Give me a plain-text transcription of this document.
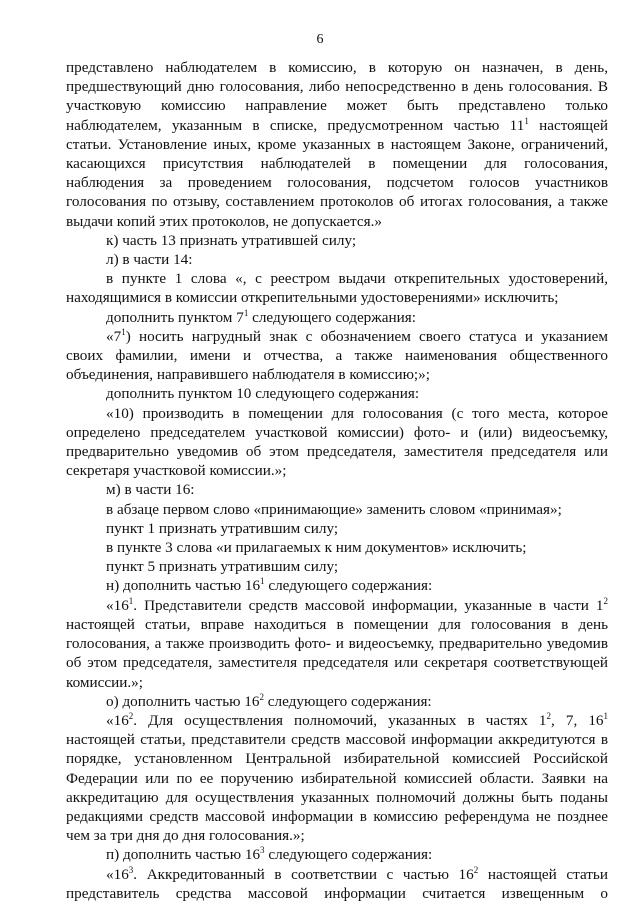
6
представлено наблюдателем в комиссию, в которую он назначен, в день,
предшествующий дню голосования, либо непосредственно в день голосования. В
участковую комиссию направление может быть представлено только
наблюдателем, указанным в списке, предусмотренном частью $11^1$ настоящей
статьи. Установление иных, кроме указанных в настоящем Законе, ограничений,
касающихся присутствия наблюдателей в помещении для голосования,
наблюдения за проведением голосования, подсчетом голосов участников
голосования по отзыву, составлением протоколов об итогах голосования, а также
выдачи копий этих протоколов, не допускается.»
к) часть 13 признать утратившей силу;
л) в части 14:
в пункте 1 слова «, с реестром выдачи открепительных удостоверений,
находящимися в комиссии открепительными удостоверениями» исключить;
дополнить пунктом $7^1$ следующего содержания:
«$7^1$) носить нагрудный знак с обозначением своего статуса и указанием
своих фамилии, имени и отчества, а также наименования общественного
объединения, направившего наблюдателя в комиссию;»;
дополнить пунктом 10 следующего содержания:
«10) производить в помещении для голосования (с того места, которое
определено председателем участковой комиссии) фото- и (или) видеосъемку,
предварительно уведомив об этом председателя, заместителя председателя или
секретаря участковой комиссии.»;
м) в части 16:
в абзаце первом слово «принимающие» заменить словом «принимая»;
пункт 1 признать утратившим силу;
в пункте 3 слова «и прилагаемых к ним документов» исключить;
пункт 5 признать утратившим силу;
н) дополнить частью $16^1$ следующего содержания:
«$16^1$. Представители средств массовой информации, указанные в части $1^2$
настоящей статьи, вправе находиться в помещении для голосования в день
голосования, а также производить фото- и видеосъемку, предварительно уведомив
об этом председателя, заместителя председателя или секретаря соответствующей
комиссии.»;
о) дополнить частью $16^2$ следующего содержания:
«$16^2$. Для осуществления полномочий, указанных в частях $1^2$, 7, $16^1$
настоящей статьи, представители средств массовой информации аккредитуются в
порядке, установленном Центральной избирательной комиссией Российской
Федерации или по ее поручению избирательной комиссией области. Заявки на
аккредитацию для осуществления указанных полномочий должны быть поданы
редакциями средств массовой информации в комиссию референдума не позднее
чем за три дня до дня голосования.»;
п) дополнить частью $16^3$ следующего содержания:
«$16^3$. Аккредитованный в соответствии с частью $16^2$ настоящей статьи
представитель средства массовой информации считается извещенным о
